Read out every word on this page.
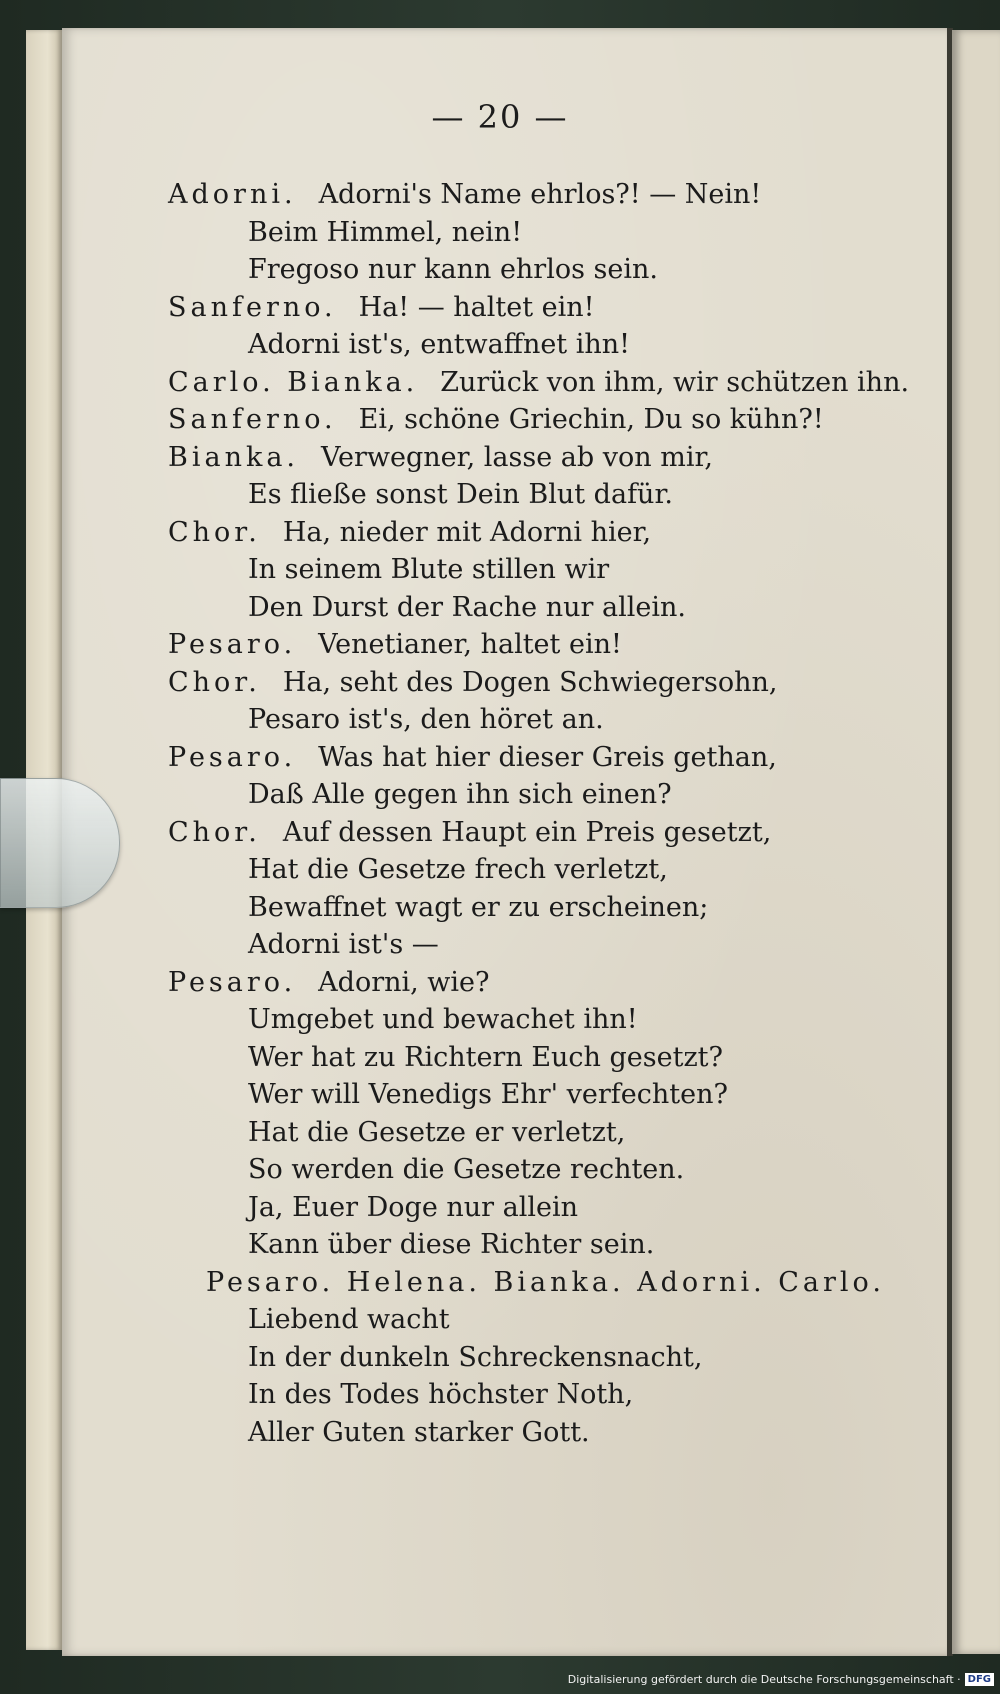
— 20 —
Adorni. Adorni's Name ehrlos?! — Nein!
Beim Himmel, nein!
Fregoso nur kann ehrlos sein.
Sanferno. Ha! — haltet ein!
Adorni ist's, entwaffnet ihn!
Carlo. Bianka. Zurück von ihm, wir schützen ihn.
Sanferno. Ei, schöne Griechin, Du so kühn?!
Bianka. Verwegner, lasse ab von mir,
Es fließe sonst Dein Blut dafür.
Chor. Ha, nieder mit Adorni hier,
In seinem Blute stillen wir
Den Durst der Rache nur allein.
Pesaro. Venetianer, haltet ein!
Chor. Ha, seht des Dogen Schwiegersohn,
Pesaro ist's, den höret an.
Pesaro. Was hat hier dieser Greis gethan,
Daß Alle gegen ihn sich einen?
Chor. Auf dessen Haupt ein Preis gesetzt,
Hat die Gesetze frech verletzt,
Bewaffnet wagt er zu erscheinen;
Adorni ist's —
Pesaro. Adorni, wie?
Umgebet und bewachet ihn!
Wer hat zu Richtern Euch gesetzt?
Wer will Venedigs Ehr' verfechten?
Hat die Gesetze er verletzt,
So werden die Gesetze rechten.
Ja, Euer Doge nur allein
Kann über diese Richter sein.
Pesaro. Helena. Bianka. Adorni. Carlo.
Liebend wacht
In der dunkeln Schreckensnacht,
In des Todes höchster Noth,
Aller Guten starker Gott.
Digitalisierung gefördert durch die Deutsche Forschungsgemeinschaft · DFG
